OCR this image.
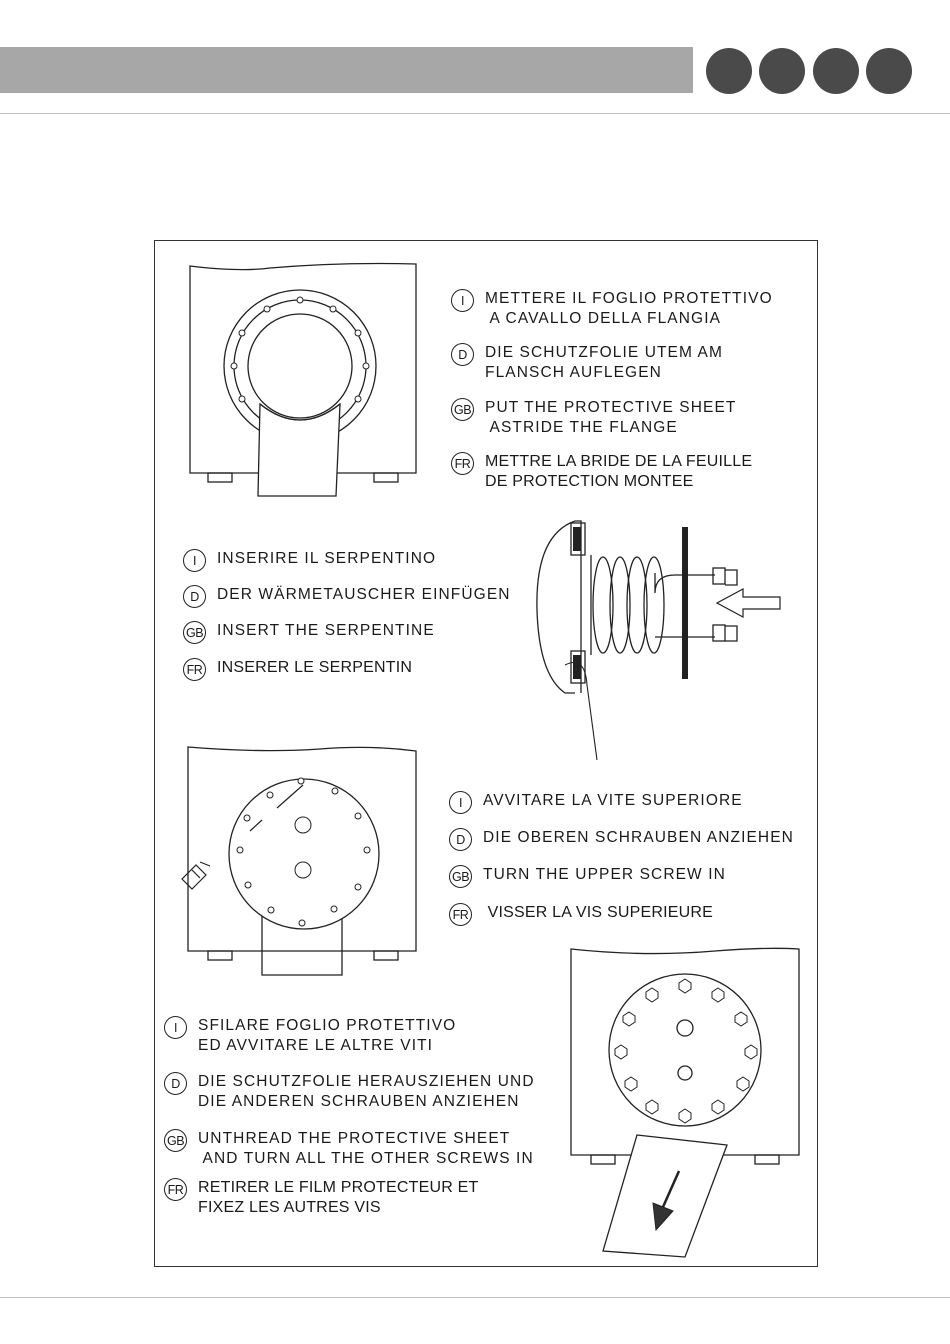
I	METTERE IL FOGLIO PROTETTIVO
A CAVALLO DELLA FLANGIA
D	DIE SCHUTZFOLIE UTEM AM
FLANSCH AUFLEGEN
GB PUT THE PROTECTIVE SHEET
ASTRIDE THE FLANGE
FR METTRE LA BRIDE DE LA FEUILLE
DE PROTECTION MONTEE
I	INSERIRE IL SERPENTINO
D	DER WÄRMETAUSCHER EINFÜGEN
GB INSERT THE SERPENTINE
FR INSERER LE SERPENTIN
I	AVVITARE LA VITE SUPERIORE
D	DIE OBEREN SCHRAUBEN ANZIEHEN
GB TURN THE UPPER SCREW IN
FR VISSER LA VIS SUPERIEURE
I	SFILARE FOGLIO PROTETTIVO
ED AVVITARE LE ALTRE VITI
D	DIE SCHUTZFOLIE HERAUSZIEHEN UND
DIE ANDEREN SCHRAUBEN ANZIEHEN
GB UNTHREAD THE PROTECTIVE SHEET
AND TURN ALL THE OTHER SCREWS IN
FR RETIRER LE FILM PROTECTEUR ET
FIXEZ LES AUTRES VIS
